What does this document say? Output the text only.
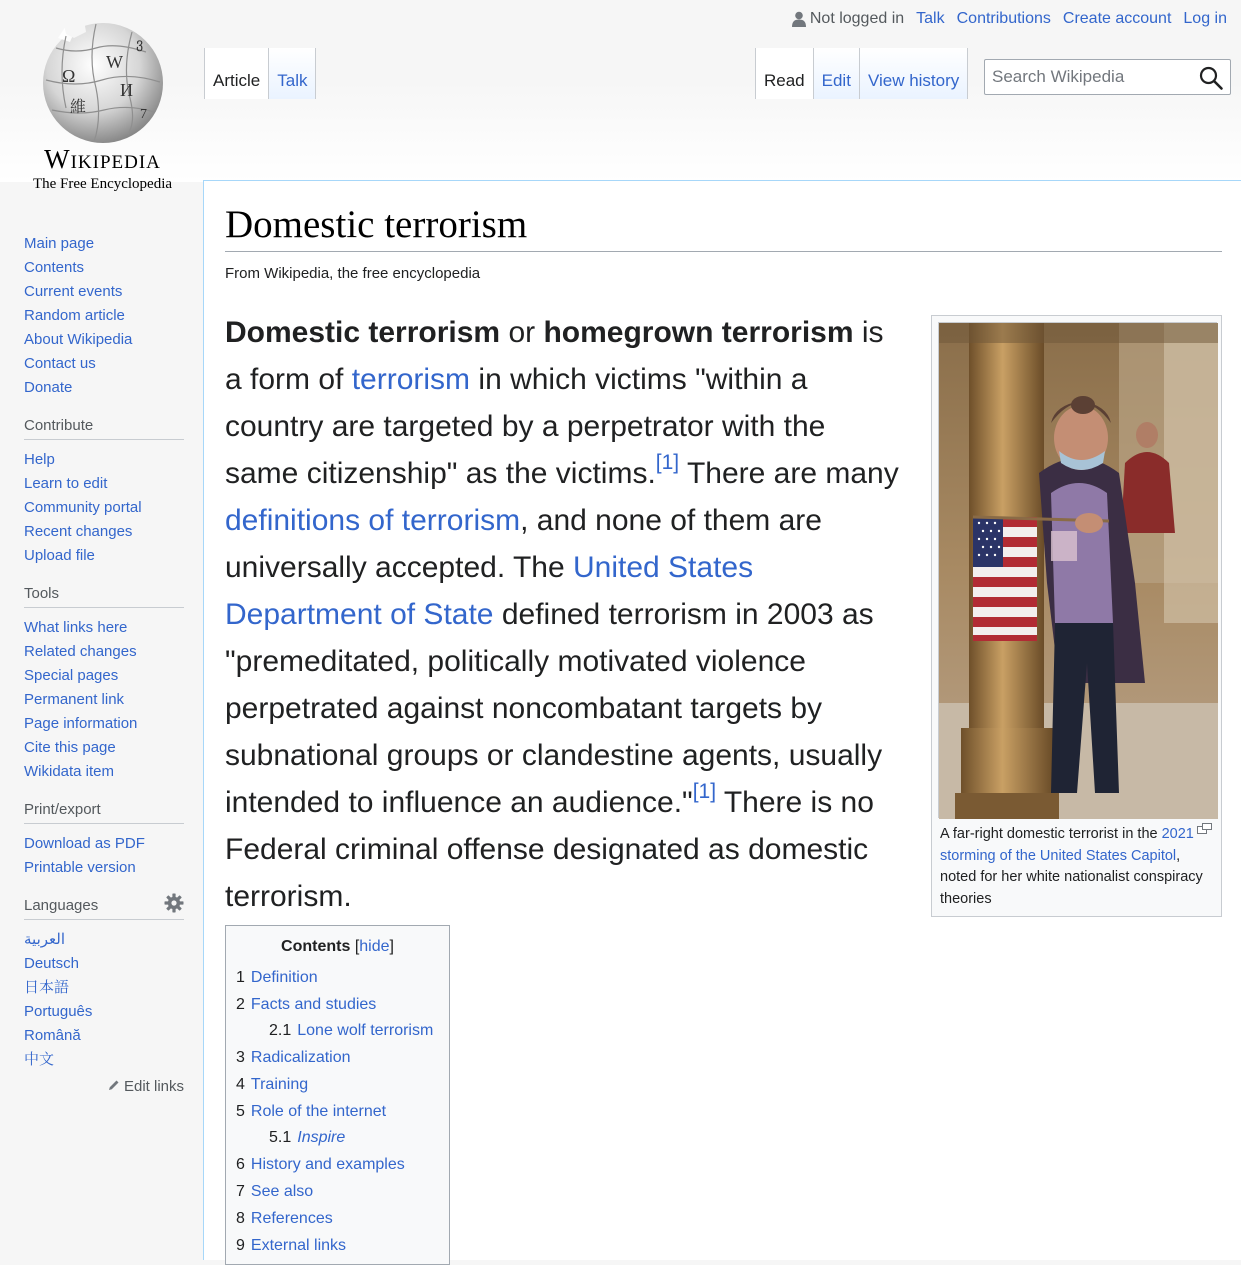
Not logged in Talk Contributions Create account Log in
Ω
W
И
維
ვ
7
Wikipedia
The Free Encyclopedia
Article	Talk	Read	Edit	View history
Search Wikipedia
Main page
Contents
Current events
Random article
About Wikipedia
Contact us
Donate
Contribute
Help
Learn to edit
Community portal
Recent changes
Upload file
Tools
What links here
Related changes
Special pages
Permanent link
Page information
Cite this page
Wikidata item
Print/export
Download as PDF
Printable version
Languages
العربية
Deutsch
日本語
Português
Română
中文
Edit links
Domestic terrorism
From Wikipedia, the free encyclopedia

Domestic terrorism or homegrown terrorism is a form of terrorism in which victims "within a country are targeted by a perpetrator with the same citizenship" as the victims.[1] There are many definitions of terrorism, and none of them are universally accepted. The United States Department of State defined terrorism in 2003 as "premeditated, politically motivated violence perpetrated against noncombatant targets by subnational groups or clandestine agents, usually intended to influence an audience."[1] There is no Federal criminal offense designated as domestic terrorism.

A far-right domestic terrorist in the 2021 storming of the United States Capitol, noted for her white nationalist conspiracy theories
Contents [hide]
1 Definition
2 Facts and studies
2.1 Lone wolf terrorism
3 Radicalization
4 Training
5 Role of the internet
5.1 Inspire
6 History and examples
7 See also
8 References
9 External links
